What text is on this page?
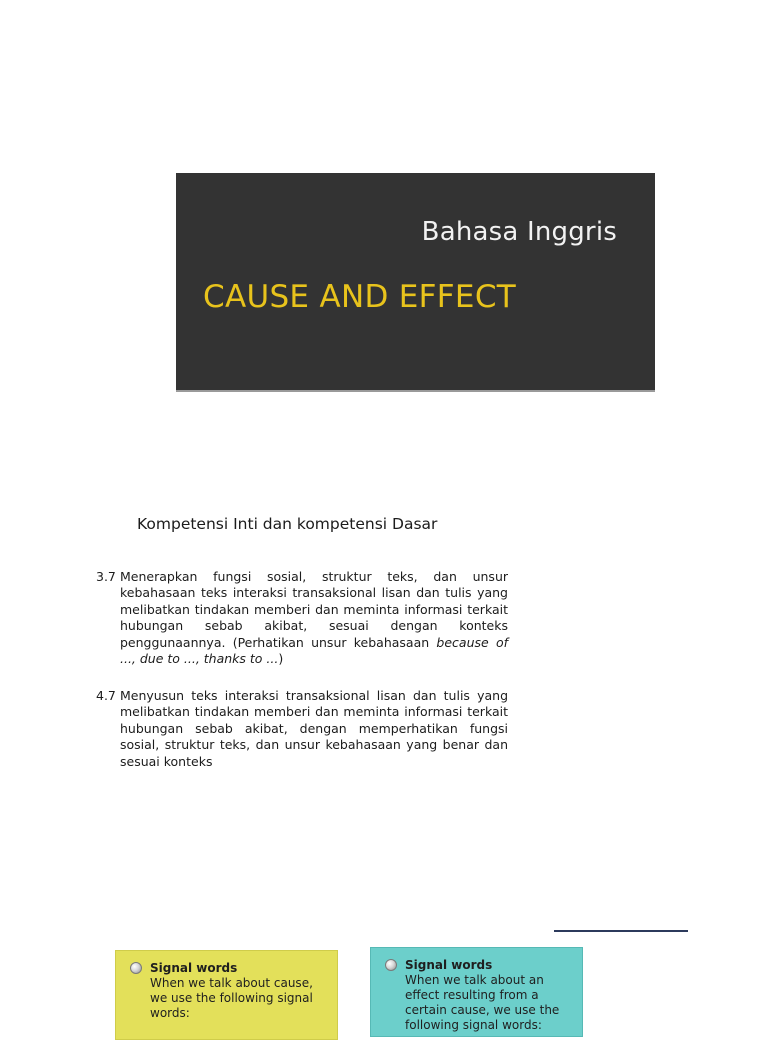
Bahasa Inggris
CAUSE AND EFFECT
Kompetensi Inti dan kompetensi Dasar
3.7 Menerapkan fungsi sosial, struktur teks, dan unsur kebahasaan teks interaksi transaksional lisan dan tulis yang melibatkan tindakan memberi dan meminta informasi terkait hubungan sebab akibat, sesuai dengan konteks penggunaannya. (Perhatikan unsur kebahasaan because of ..., due to ..., thanks to ...)
4.7 Menyusun teks interaksi transaksional lisan dan tulis yang melibatkan tindakan memberi dan meminta informasi terkait hubungan sebab akibat, dengan memperhatikan fungsi sosial, struktur teks, dan unsur kebahasaan yang benar dan sesuai konteks
Signal words
When we talk about cause, we use the following signal words:
Signal words
When we talk about an effect resulting from a certain cause, we use the following signal words:
